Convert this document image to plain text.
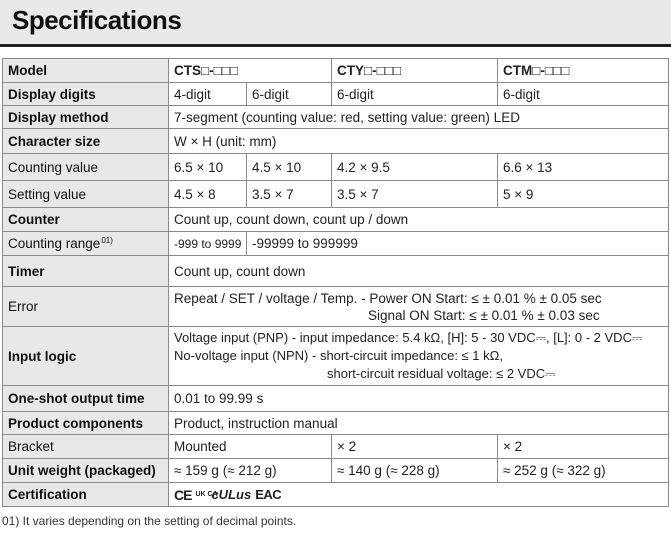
Specifications
Model	CTS□-□□□		CTY□-□□□	CTM□-□□□
Display digits	4-digit	6-digit	6-digit	6-digit
Display method	7-segment (counting value: red, setting value: green) LED			
Character size	W × H (unit: mm)			
Counting value	6.5 × 10	4.5 × 10	4.2 × 9.5	6.6 × 13
Setting value	4.5 × 8	3.5 × 7	3.5 × 7	5 × 9
Counter	Count up, count down, count up / down			
Counting range$^{01)}$	-999 to 9999	-99999 to 999999		
Timer	Count up, count down			
Error	Repeat / SET / voltage / Temp. - Power ON Start: ≤ ± 0.01 % ± 0.05 sec
Signal ON Start: ≤ ± 0.01 % ± 0.03 sec			

Input logic	Voltage input (PNP) - input impedance: 5.4 kΩ, [H]: 5 - 30 VDC⎓, [L]: 0 - 2 VDC⎓
No-voltage input (NPN) - short-circuit impedance: ≤ 1 kΩ,
short-circuit residual voltage: ≤ 2 VDC⎓			

One-shot output time	0.01 to 99.99 s			
Product components	Product, instruction manual			
Bracket	Mounted		× 2	× 2
Unit weight (packaged)	≈ 159 g (≈ 212 g)		≈ 140 g (≈ 228 g)	≈ 252 g (≈ 322 g)
Certification	CE UK CA
cULus EAC			
01) It varies depending on the setting of decimal points.
